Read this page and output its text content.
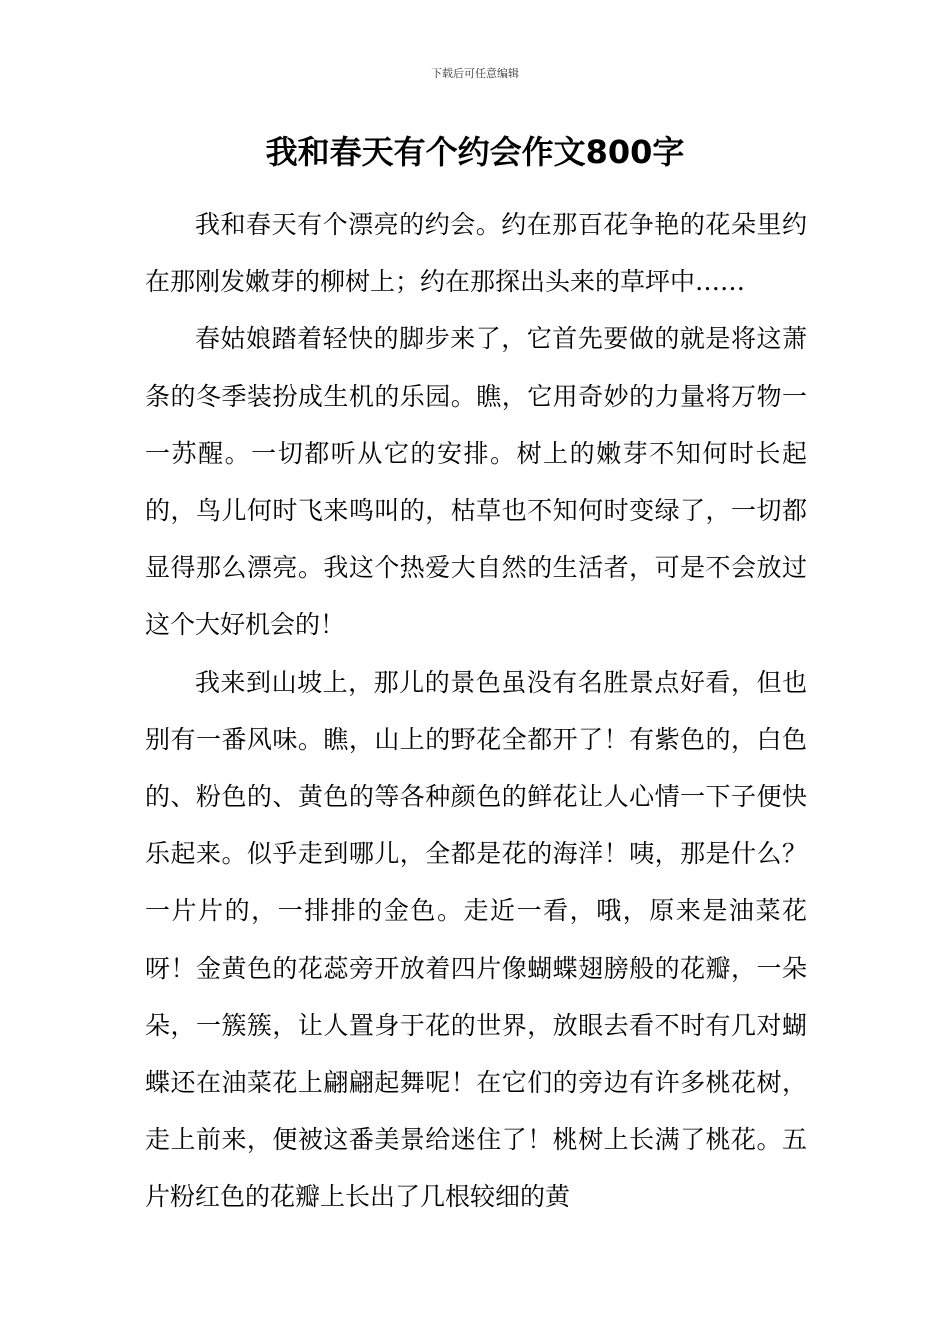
下载后可任意编辑
我和春天有个约会作文800字

我和春天有个漂亮的约会。约在那百花争艳的花朵里约在那刚发嫩芽的柳树上；约在那探出头来的草坪中……

春姑娘踏着轻快的脚步来了，它首先要做的就是将这萧条的冬季装扮成生机的乐园。瞧，它用奇妙的力量将万物一一苏醒。一切都听从它的安排。树上的嫩芽不知何时长起的，鸟儿何时飞来鸣叫的，枯草也不知何时变绿了，一切都显得那么漂亮。我这个热爱大自然的生活者，可是不会放过这个大好机会的！

我来到山坡上，那儿的景色虽没有名胜景点好看，但也别有一番风味。瞧，山上的野花全都开了！有紫色的，白色的、粉色的、黄色的等各种颜色的鲜花让人心情一下子便快乐起来。似乎走到哪儿，全都是花的海洋！咦，那是什么？一片片的，一排排的金色。走近一看，哦，原来是油菜花呀！金黄色的花蕊旁开放着四片像蝴蝶翅膀般的花瓣，一朵朵，一簇簇，让人置身于花的世界，放眼去看不时有几对蝴蝶还在油菜花上翩翩起舞呢！在它们的旁边有许多桃花树，走上前来，便被这番美景给迷住了！桃树上长满了桃花。五片粉红色的花瓣上长出了几根较细的黄
